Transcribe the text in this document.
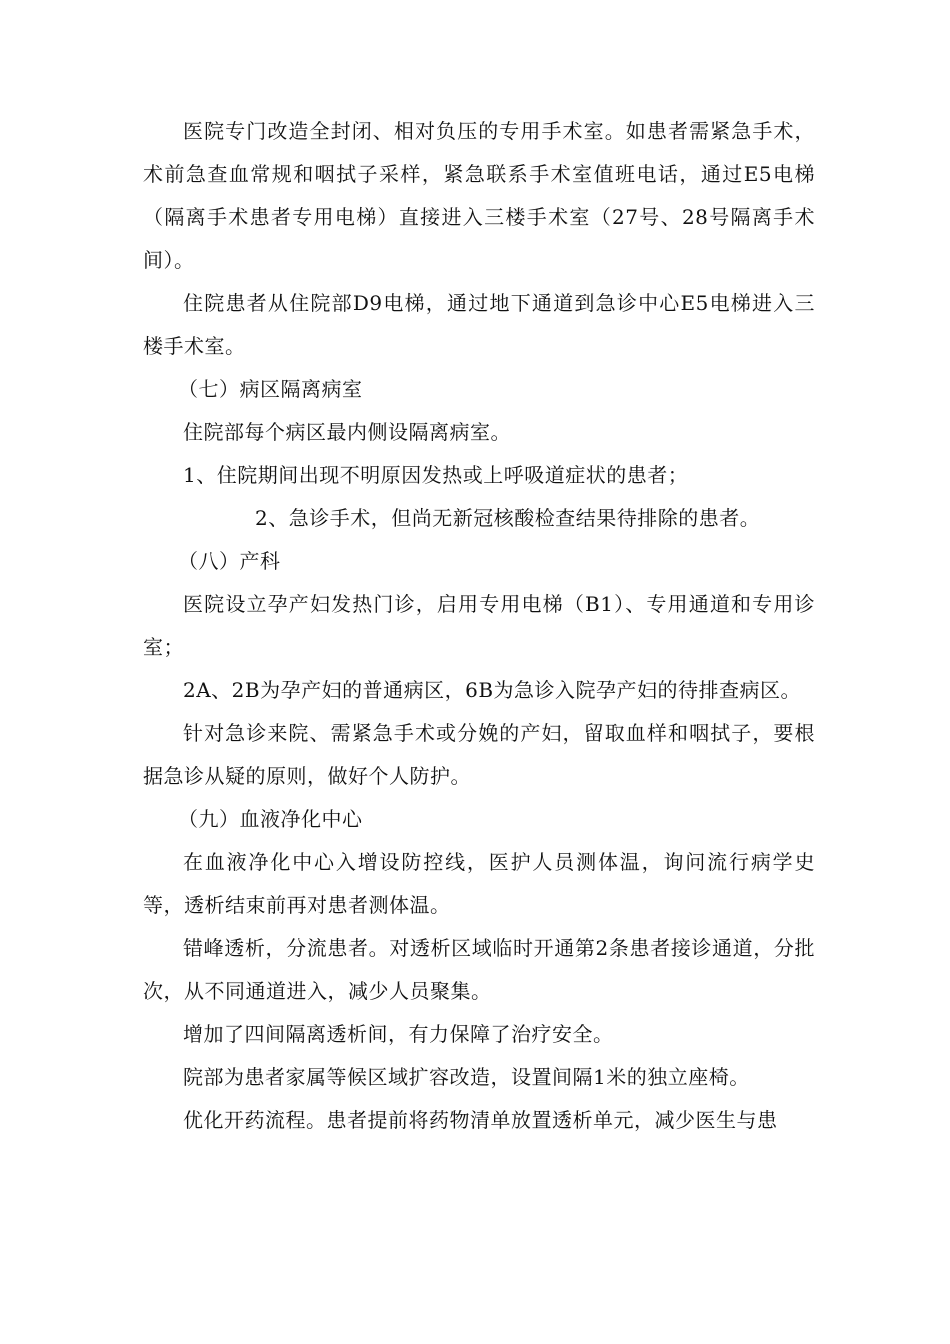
医院专门改造全封闭、相对负压的专用手术室。如患者需紧急手术，术前急查血常规和咽拭子采样，紧急联系手术室值班电话，通过E5电梯（隔离手术患者专用电梯）直接进入三楼手术室（27号、28号隔离手术间）。

住院患者从住院部D9电梯，通过地下通道到急诊中心E5电梯进入三楼手术室。

（七）病区隔离病室

住院部每个病区最内侧设隔离病室。

1、住院期间出现不明原因发热或上呼吸道症状的患者；

2、急诊手术，但尚无新冠核酸检查结果待排除的患者。

（八）产科

医院设立孕产妇发热门诊，启用专用电梯（B1）、专用通道和专用诊室；

2A、2B为孕产妇的普通病区，6B为急诊入院孕产妇的待排查病区。

针对急诊来院、需紧急手术或分娩的产妇，留取血样和咽拭子，要根据急诊从疑的原则，做好个人防护。

（九）血液净化中心

在血液净化中心入增设防控线，医护人员测体温，询问流行病学史等，透析结束前再对患者测体温。

错峰透析，分流患者。对透析区域临时开通第2条患者接诊通道，分批次，从不同通道进入，减少人员聚集。

增加了四间隔离透析间，有力保障了治疗安全。

院部为患者家属等候区域扩容改造，设置间隔1米的独立座椅。

优化开药流程。患者提前将药物清单放置透析单元，减少医生与患
